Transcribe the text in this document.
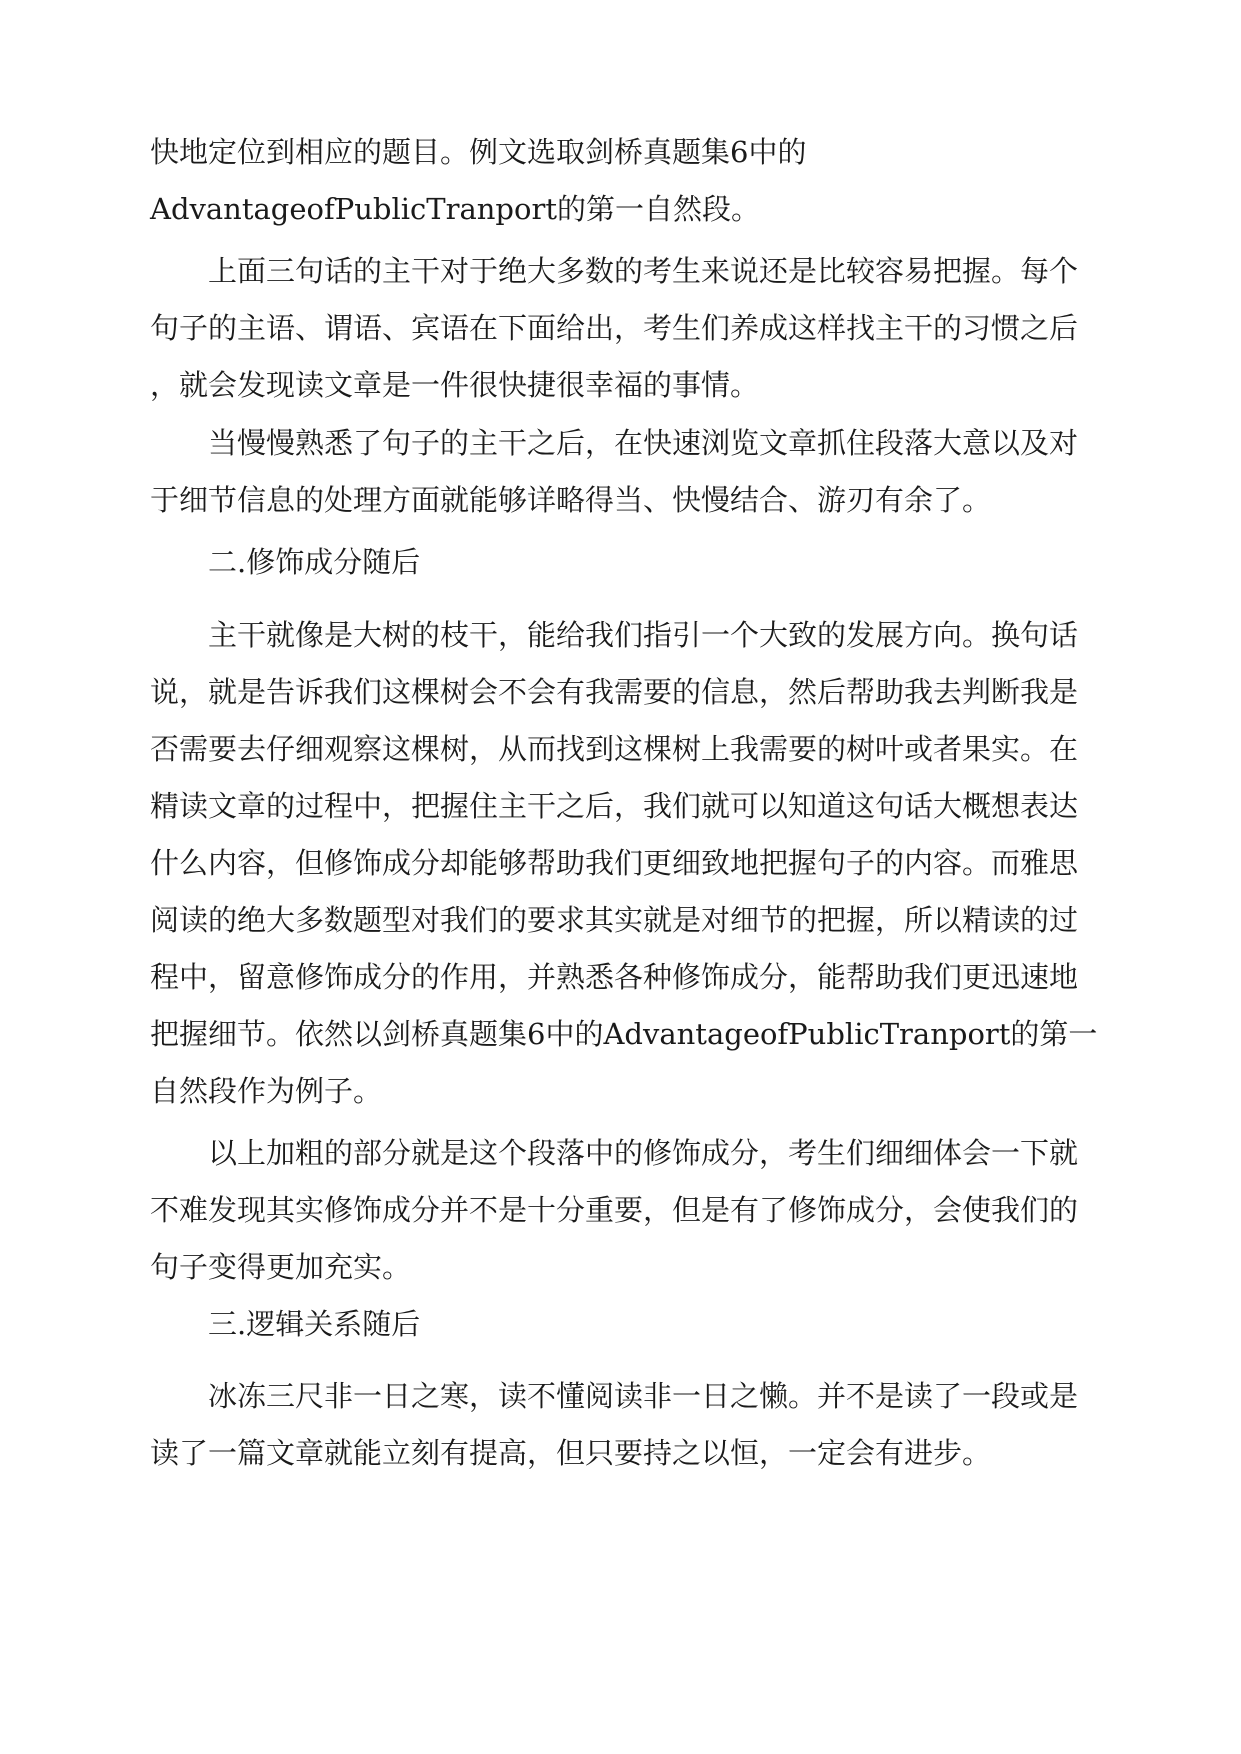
快地定位到相应的题目。例文选取剑桥真题集6中的
AdvantageofPublicTranport的第一自然段。

上面三句话的主干对于绝大多数的考生来说还是比较容易把握。每个
句子的主语、谓语、宾语在下面给出，考生们养成这样找主干的习惯之后
，就会发现读文章是一件很快捷很幸福的事情。

当慢慢熟悉了句子的主干之后，在快速浏览文章抓住段落大意以及对
于细节信息的处理方面就能够详略得当、快慢结合、游刃有余了。

二.修饰成分随后

主干就像是大树的枝干，能给我们指引一个大致的发展方向。换句话
说，就是告诉我们这棵树会不会有我需要的信息，然后帮助我去判断我是
否需要去仔细观察这棵树，从而找到这棵树上我需要的树叶或者果实。在
精读文章的过程中，把握住主干之后，我们就可以知道这句话大概想表达
什么内容，但修饰成分却能够帮助我们更细致地把握句子的内容。而雅思
阅读的绝大多数题型对我们的要求其实就是对细节的把握，所以精读的过
程中，留意修饰成分的作用，并熟悉各种修饰成分，能帮助我们更迅速地
把握细节。依然以剑桥真题集6中的AdvantageofPublicTranport的第一
自然段作为例子。

以上加粗的部分就是这个段落中的修饰成分，考生们细细体会一下就
不难发现其实修饰成分并不是十分重要，但是有了修饰成分，会使我们的
句子变得更加充实。

三.逻辑关系随后

冰冻三尺非一日之寒，读不懂阅读非一日之懒。并不是读了一段或是
读了一篇文章就能立刻有提高，但只要持之以恒，一定会有进步。
